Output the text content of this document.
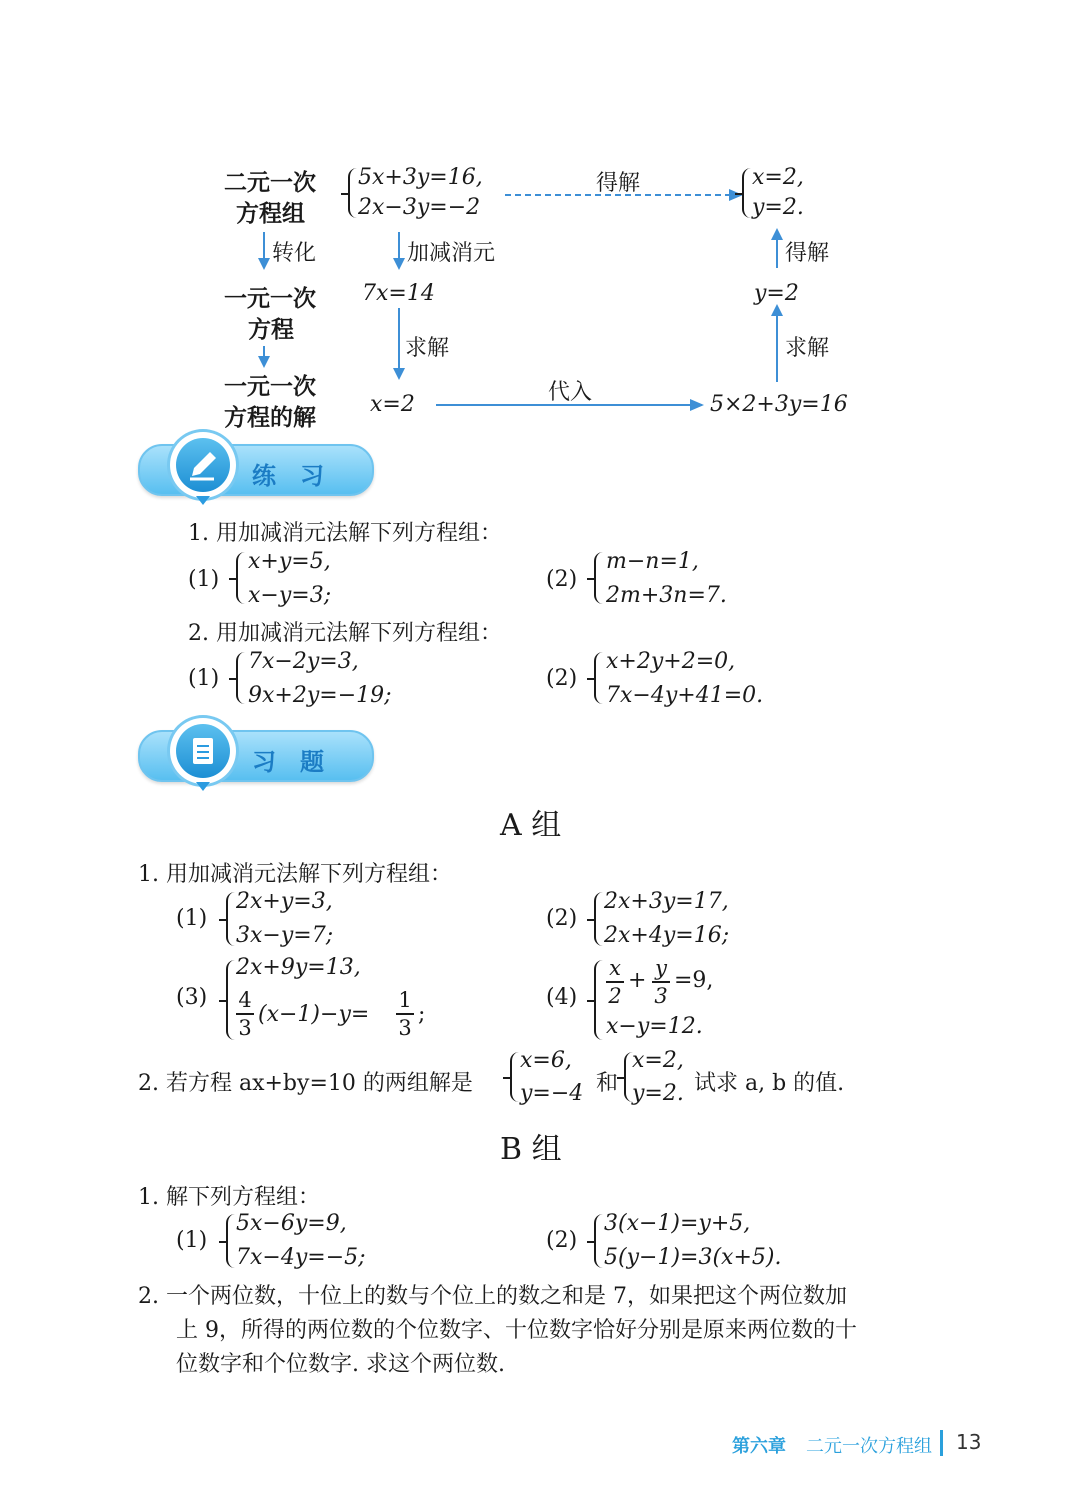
二元一次
方程组
5x+3y=16,
2x−3y=−2
得解	x=2,
y=2.
转化	加减消元	得解
一元一次
方程
7x=14	y=2
求解	求解
一元一次
方程的解
x=2	代入	5×2+3y=16
练习
1. 用加减消元法解下列方程组：
(1)
x+y=5,
x−y=3;
(2)
m−n=1,
2m+3n=7.
2. 用加减消元法解下列方程组：
(1)
7x−2y=3,
9x+2y=−19;
(2)
x+2y+2=0,
7x−4y+41=0.
习题
A 组
1. 用加减消元法解下列方程组：
(1)
2x+y=3,
3x−y=7;
(2)
2x+3y=17,
2x+4y=16;
(3)
2x+9y=13,
4
3
(x−1)−y=
1
3
;
(4)
x
2
+ y
3
=9,
x−y=12.
2. 若方程 ax+by=10 的两组解是
x=6,
y=−4 和
x=2,
y=2. 试求 a, b 的值.
B 组
1. 解下列方程组：
(1)
5x−6y=9,
7x−4y=−5;
(2)
3(x−1)=y+5,
5(y−1)=3(x+5).
2. 一个两位数，十位上的数与个位上的数之和是 7，如果把这个两位数加
上 9，所得的两位数的个位数字、十位数字恰好分别是原来两位数的十
位数字和个位数字. 求这个两位数.
第六章 二元一次方程组 13
